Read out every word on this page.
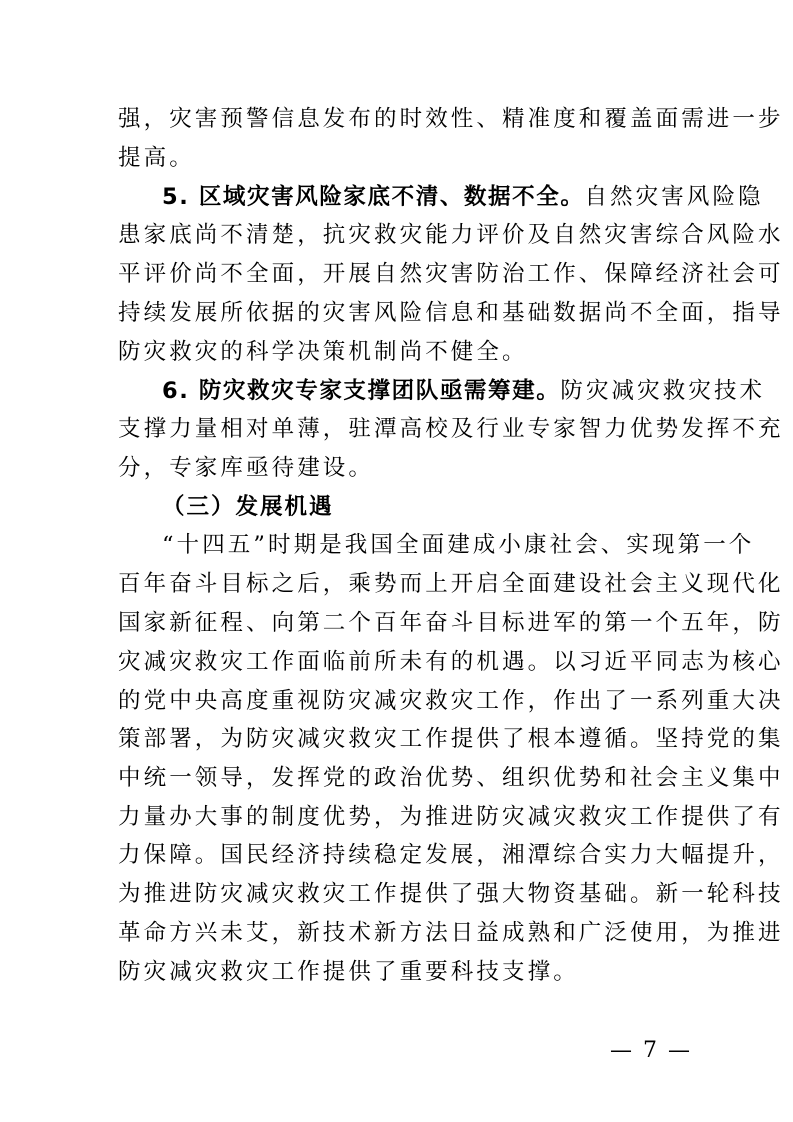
强，灾害预警信息发布的时效性、精准度和覆盖面需进一步
提高。
5. 区域灾害风险家底不清、数据不全。自然灾害风险隐
患家底尚不清楚，抗灾救灾能力评价及自然灾害综合风险水
平评价尚不全面，开展自然灾害防治工作、保障经济社会可
持续发展所依据的灾害风险信息和基础数据尚不全面，指导
防灾救灾的科学决策机制尚不健全。
6. 防灾救灾专家支撑团队亟需筹建。防灾减灾救灾技术
支撑力量相对单薄，驻潭高校及行业专家智力优势发挥不充
分，专家库亟待建设。
（三）发展机遇
“十四五”时期是我国全面建成小康社会、实现第一个
百年奋斗目标之后，乘势而上开启全面建设社会主义现代化
国家新征程、向第二个百年奋斗目标进军的第一个五年，防
灾减灾救灾工作面临前所未有的机遇。以习近平同志为核心
的党中央高度重视防灾减灾救灾工作，作出了一系列重大决
策部署，为防灾减灾救灾工作提供了根本遵循。坚持党的集
中统一领导，发挥党的政治优势、组织优势和社会主义集中
力量办大事的制度优势，为推进防灾减灾救灾工作提供了有
力保障。国民经济持续稳定发展，湘潭综合实力大幅提升，
为推进防灾减灾救灾工作提供了强大物资基础。新一轮科技
革命方兴未艾，新技术新方法日益成熟和广泛使用，为推进
防灾减灾救灾工作提供了重要科技支撑。
— 7 —
